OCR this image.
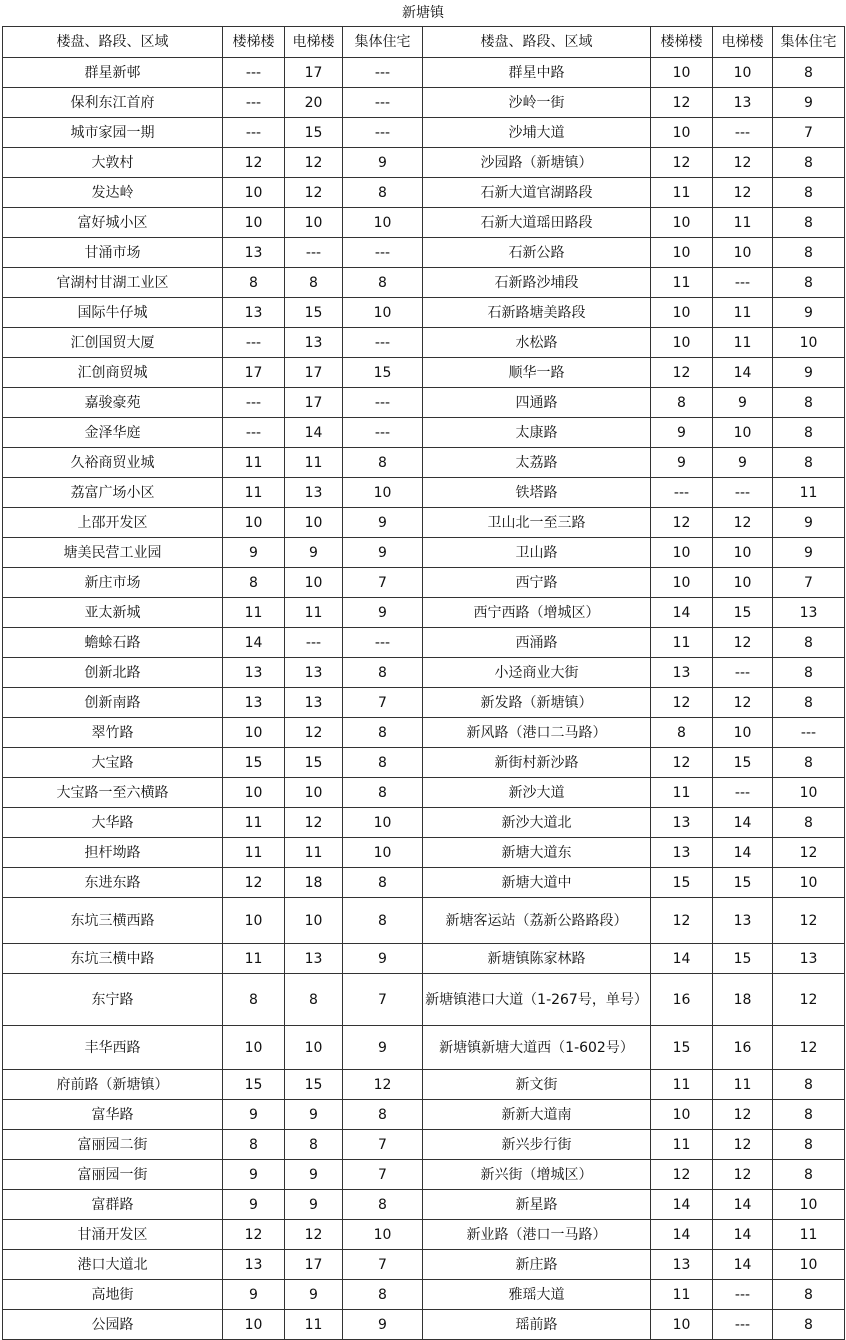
新塘镇
楼盘、路段、区域	楼梯楼	电梯楼	集体住宅	楼盘、路段、区域	楼梯楼	电梯楼	集体住宅
群星新邨	---	17	---	群星中路	10	10	8
保利东江首府	---	20	---	沙岭一街	12	13	9
城市家园一期	---	15	---	沙埔大道	10	---	7
大敦村	12	12	9	沙园路（新塘镇）	12	12	8
发达岭	10	12	8	石新大道官湖路段	11	12	8
富好城小区	10	10	10	石新大道瑶田路段	10	11	8
甘涌市场	13	---	---	石新公路	10	10	8
官湖村甘湖工业区	8	8	8	石新路沙埔段	11	---	8
国际牛仔城	13	15	10	石新路塘美路段	10	11	9
汇创国贸大厦	---	13	---	水松路	10	11	10
汇创商贸城	17	17	15	顺华一路	12	14	9
嘉骏豪苑	---	17	---	四通路	8	9	8
金泽华庭	---	14	---	太康路	9	10	8
久裕商贸业城	11	11	8	太荔路	9	9	8
荔富广场小区	11	13	10	铁塔路	---	---	11
上邵开发区	10	10	9	卫山北一至三路	12	12	9
塘美民营工业园	9	9	9	卫山路	10	10	9
新庄市场	8	10	7	西宁路	10	10	7
亚太新城	11	11	9	西宁西路（增城区）	14	15	13
蟾蜍石路	14	---	---	西涌路	11	12	8
创新北路	13	13	8	小迳商业大街	13	---	8
创新南路	13	13	7	新发路（新塘镇）	12	12	8
翠竹路	10	12	8	新风路（港口二马路）	8	10	---
大宝路	15	15	8	新街村新沙路	12	15	8
大宝路一至六横路	10	10	8	新沙大道	11	---	10
大华路	11	12	10	新沙大道北	13	14	8
担杆坳路	11	11	10	新塘大道东	13	14	12
东进东路	12	18	8	新塘大道中	15	15	10
东坑三横西路	10	10	8	新塘客运站（荔新公路路段）	12	13	12
东坑三横中路	11	13	9	新塘镇陈家林路	14	15	13
东宁路	8	8	7	新塘镇港口大道（1-267号，单号）	16	18	12
丰华西路	10	10	9	新塘镇新塘大道西（1-602号）	15	16	12
府前路（新塘镇）	15	15	12	新文街	11	11	8
富华路	9	9	8	新新大道南	10	12	8
富丽园二街	8	8	7	新兴步行街	11	12	8
富丽园一街	9	9	7	新兴街（增城区）	12	12	8
富群路	9	9	8	新星路	14	14	10
甘涌开发区	12	12	10	新业路（港口一马路）	14	14	11
港口大道北	13	17	7	新庄路	13	14	10
高地街	9	9	8	雅瑶大道	11	---	8
公园路	10	11	9	瑶前路	10	---	8
